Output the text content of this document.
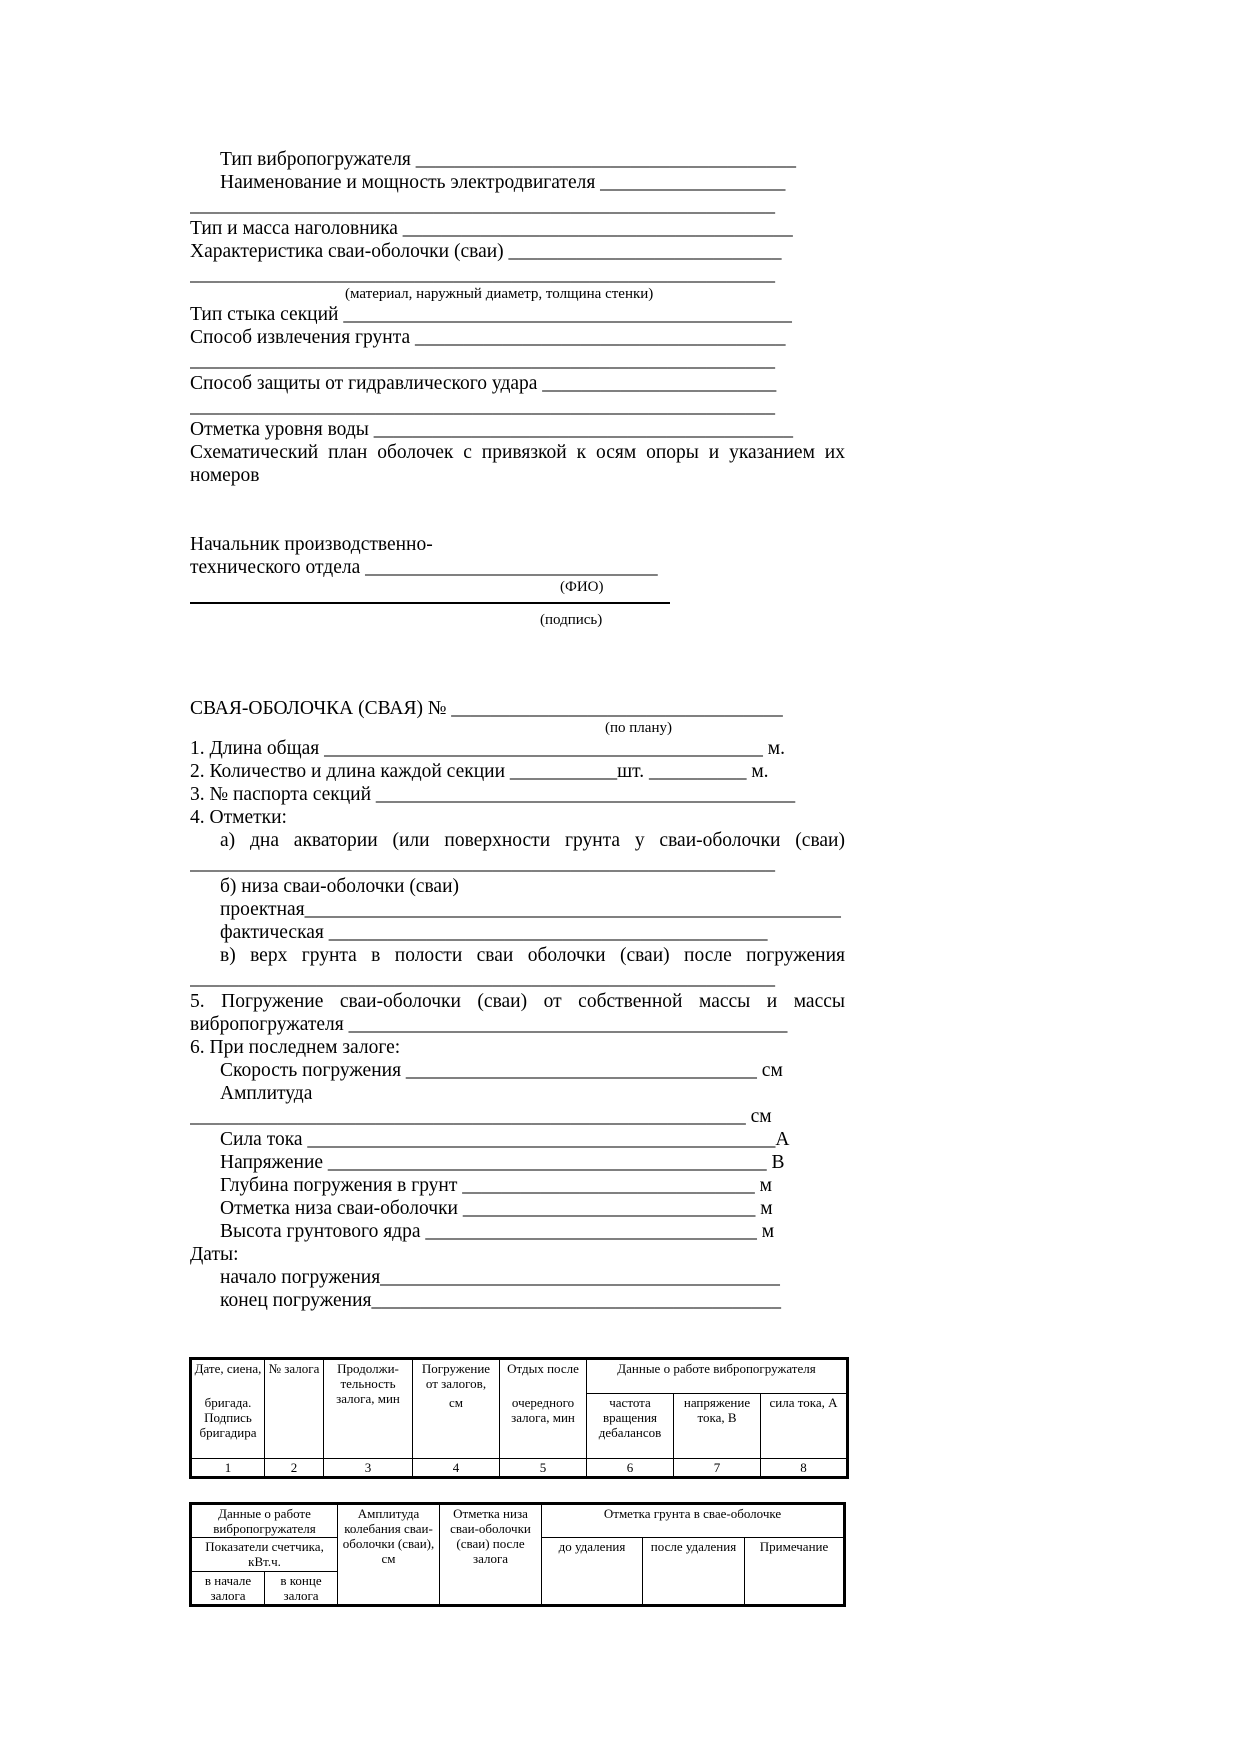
Тип вибропогружателя _______________________________________
Наименование и мощность электродвигателя ___________________
____________________________________________________________
Тип и масса наголовника ________________________________________
Характеристика сваи-оболочки (сваи) ____________________________
____________________________________________________________
(материал, наружный диаметр, толщина стенки)
Тип стыка секций ______________________________________________
Способ извлечения грунта ______________________________________
____________________________________________________________
Способ защиты от гидравлического удара ________________________
____________________________________________________________
Отметка уровня воды ___________________________________________
Схематический план оболочек с привязкой к осям опоры и указанием их номеров
Начальник производственно-
технического отдела ______________________________
(ФИО)
(подпись)
СВАЯ-ОБОЛОЧКА (СВАЯ) № __________________________________
(по плану)
1. Длина общая _____________________________________________ м.
2. Количество и длина каждой секции ___________шт. __________ м.
3. № паспорта секций ___________________________________________
4. Отметки:
а) дна акватории (или поверхности грунта у сваи-оболочки (сваи)
____________________________________________________________
б) низа сваи-оболочки (сваи)
проектная_______________________________________________________
фактическая _____________________________________________
в) верх грунта в полости сваи оболочки (сваи) после погружения
____________________________________________________________
5. Погружение сваи-оболочки (сваи) от собственной массы и массы вибропогружателя _____________________________________________
6. При последнем залоге:
Скорость погружения ____________________________________ см
Амплитуда
_________________________________________________________ см
Сила тока ________________________________________________А
Напряжение _____________________________________________ В
Глубина погружения в грунт ______________________________ м
Отметка низа сваи-оболочки ______________________________ м
Высота грунтового ядра __________________________________ м
Даты:
начало погружения_________________________________________
конец погружения__________________________________________
Дате, сиена,	№ залога	Продолжи-тельность залога, мин	Погружение от залогов,	Отдых после	Данные о работе вибропогружателя		
бригада. Подпись бригадира			см	очередного залога, мин	частота вращения дебалансов	напряжение тока, В	сила тока, А
1	2	3	4	5	6	7	8
Данные о работе вибропогружателя		Амплитуда колебания сваи-оболочки (сваи), см	Отметка низа сваи-оболочки (сваи) после залога	Отметка грунта в сваe-оболочке		
Показатели счетчика, кВт.ч.				до удаления	после удаления	Примечание
в начале залога	в конце залога					
